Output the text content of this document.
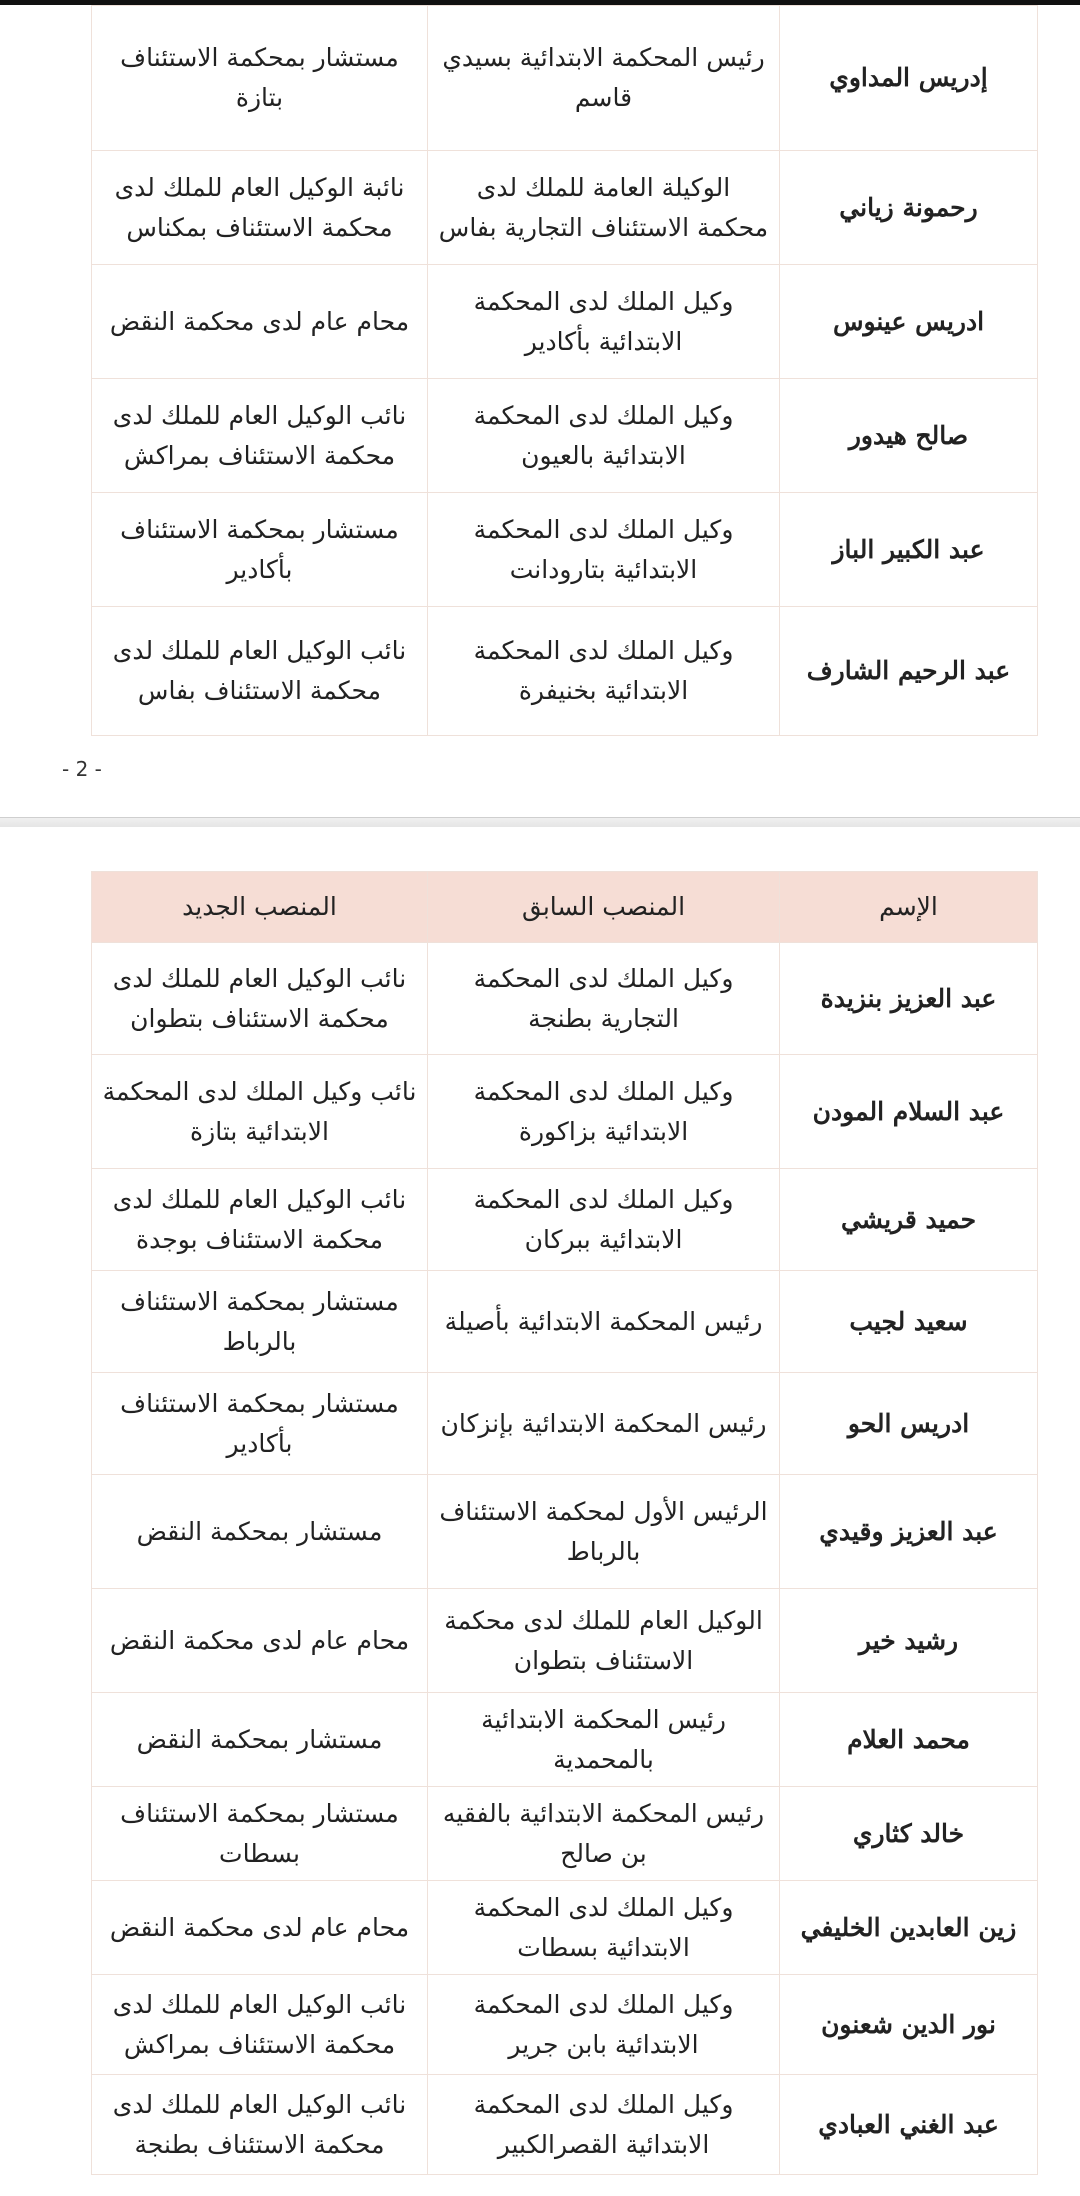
إدريس المداوي	رئيس المحكمة الابتدائية بسيدي قاسم	مستشار بمحكمة الاستئناف بتازة
رحمونة زياني	الوكيلة العامة للملك لدى محكمة الاستئناف التجارية بفاس	نائبة الوكيل العام للملك لدى محكمة الاستئناف بمكناس
ادريس عينوس	وكيل الملك لدى المحكمة الابتدائية بأكادير	محام عام لدى محكمة النقض
صالح هيدور	وكيل الملك لدى المحكمة الابتدائية بالعيون	نائب الوكيل العام للملك لدى محكمة الاستئناف بمراكش
عبد الكبير الباز	وكيل الملك لدى المحكمة الابتدائية بتارودانت	مستشار بمحكمة الاستئناف بأكادير
عبد الرحيم الشارف	وكيل الملك لدى المحكمة الابتدائية بخنيفرة	نائب الوكيل العام للملك لدى محكمة الاستئناف بفاس
- 2 -
الإسم	المنصب السابق	المنصب الجديد
عبد العزيز بنزيدة	وكيل الملك لدى المحكمة التجارية بطنجة	نائب الوكيل العام للملك لدى محكمة الاستئناف بتطوان
عبد السلام المودن	وكيل الملك لدى المحكمة الابتدائية بزاكورة	نائب وكيل الملك لدى المحكمة الابتدائية بتازة
حميد قريشي	وكيل الملك لدى المحكمة الابتدائية ببركان	نائب الوكيل العام للملك لدى محكمة الاستئناف بوجدة
سعيد لجيب	رئيس المحكمة الابتدائية بأصيلة	مستشار بمحكمة الاستئناف بالرباط
ادريس الحو	رئيس المحكمة الابتدائية بإنزكان	مستشار بمحكمة الاستئناف بأكادير
عبد العزيز وقيدي	الرئيس الأول لمحكمة الاستئناف بالرباط	مستشار بمحكمة النقض
رشيد خير	الوكيل العام للملك لدى محكمة الاستئناف بتطوان	محام عام لدى محكمة النقض
محمد العلام	رئيس المحكمة الابتدائية بالمحمدية	مستشار بمحكمة النقض
خالد كثاري	رئيس المحكمة الابتدائية بالفقيه بن صالح	مستشار بمحكمة الاستئناف بسطات
زين العابدين الخليفي	وكيل الملك لدى المحكمة الابتدائية بسطات	محام عام لدى محكمة النقض
نور الدين شعنون	وكيل الملك لدى المحكمة الابتدائية بابن جرير	نائب الوكيل العام للملك لدى محكمة الاستئناف بمراكش
عبد الغني العبادي	وكيل الملك لدى المحكمة الابتدائية القصرالكبير	نائب الوكيل العام للملك لدى محكمة الاستئناف بطنجة
